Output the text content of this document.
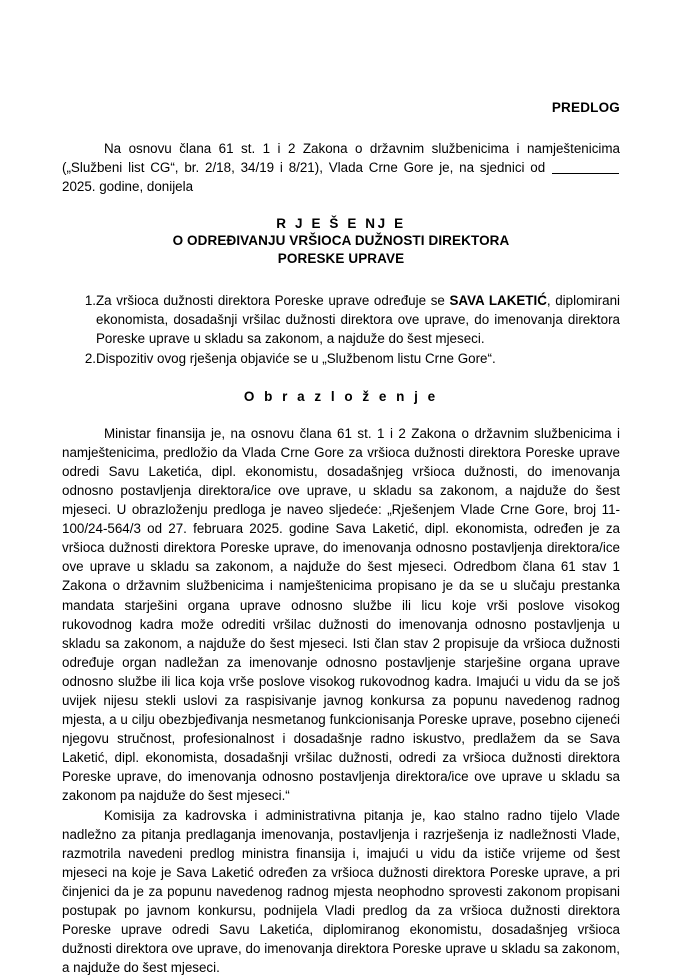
PREDLOG

Na osnovu člana 61 st. 1 i 2 Zakona o državnim službenicima i namještenicima („Službeni list CG“, br. 2/18, 34/19 i 8/21), Vlada Crne Gore je, na sjednici od  2025. godine, donijela

R J E Š E NJ E
O ODREĐIVANJU VRŠIOCA DUŽNOSTI DIREKTORA
PORESKE UPRAVE
1. Za vršioca dužnosti direktora Poreske uprave određuje se SAVA LAKETIĆ, diplomirani ekonomista, dosadašnji vršilac dužnosti direktora ove uprave, do imenovanja direktora Poreske uprave u skladu sa zakonom, a najduže do šest mjeseci.
2. Dispozitiv ovog rješenja objaviće se u „Službenom listu Crne Gore“.
O b r a z l o ž e n j e

Ministar finansija je, na osnovu člana 61 st. 1 i 2 Zakona o državnim službenicima i namještenicima, predložio da Vlada Crne Gore za vršioca dužnosti direktora Poreske uprave odredi Savu Laketića, dipl. ekonomistu, dosadašnjeg vršioca dužnosti, do imenovanja odnosno postavljenja direktora/ice ove uprave, u skladu sa zakonom, a najduže do šest mjeseci. U obrazloženju predloga je naveo sljedeće: „Rješenjem Vlade Crne Gore, broj 11-100/24-564/3 od 27. februara 2025. godine Sava Laketić, dipl. ekonomista, određen je za vršioca dužnosti direktora Poreske uprave, do imenovanja odnosno postavljenja direktora/ice ove uprave u skladu sa zakonom, a najduže do šest mjeseci. Odredbom člana 61 stav 1 Zakona o državnim službenicima i namještenicima propisano je da se u slučaju prestanka mandata starješini organa uprave odnosno službe ili licu koje vrši poslove visokog rukovodnog kadra može odrediti vršilac dužnosti do imenovanja odnosno postavljenja u skladu sa zakonom, a najduže do šest mjeseci. Isti član stav 2 propisuje da vršioca dužnosti određuje organ nadležan za imenovanje odnosno postavljenje starješine organa uprave odnosno službe ili lica koja vrše poslove visokog rukovodnog kadra. Imajući u vidu da se još uvijek nijesu stekli uslovi za raspisivanje javnog konkursa za popunu navedenog radnog mjesta, a u cilju obezbjeđivanja nesmetanog funkcionisanja Poreske uprave, posebno cijeneći njegovu stručnost, profesionalnost i dosadašnje radno iskustvo, predlažem da se Sava Laketić, dipl. ekonomista, dosadašnji vršilac dužnosti, odredi za vršioca dužnosti direktora Poreske uprave, do imenovanja odnosno postavljenja direktora/ice ove uprave u skladu sa zakonom pa najduže do šest mjeseci.“

Komisija za kadrovska i administrativna pitanja je, kao stalno radno tijelo Vlade nadležno za pitanja predlaganja imenovanja, postavljenja i razrješenja iz nadležnosti Vlade, razmotrila navedeni predlog ministra finansija i, imajući u vidu da ističe vrijeme od šest mjeseci na koje je Sava Laketić određen za vršioca dužnosti direktora Poreske uprave, a pri činjenici da je za popunu navedenog radnog mjesta neophodno sprovesti zakonom propisani postupak po javnom konkursu, podnijela Vladi predlog da za vršioca dužnosti direktora Poreske uprave odredi Savu Laketića, diplomiranog ekonomistu, dosadašnjeg vršioca dužnosti direktora ove uprave, do imenovanja direktora Poreske uprave u skladu sa zakonom, a najduže do šest mjeseci.
